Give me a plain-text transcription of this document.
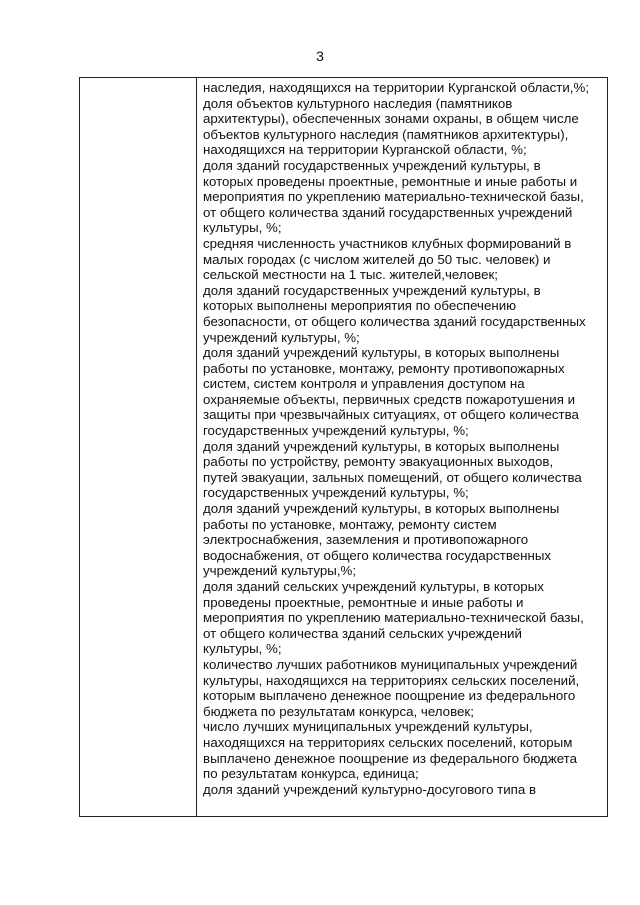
3
наследия, находящихся на территории Курганской области,%;
доля объектов культурного наследия (памятников
архитектуры), обеспеченных зонами охраны, в общем числе
объектов культурного наследия (памятников архитектуры),
находящихся на территории Курганской области, %;
доля зданий государственных учреждений культуры, в
которых проведены проектные, ремонтные и иные работы и
мероприятия по укреплению материально-технической базы,
от общего количества зданий государственных учреждений
культуры, %;
средняя численность участников клубных формирований в
малых городах (с числом жителей до 50 тыс. человек) и
сельской местности на 1 тыс. жителей,человек;
доля зданий государственных учреждений культуры, в
которых выполнены мероприятия по обеспечению
безопасности, от общего количества зданий государственных
учреждений культуры, %;
доля зданий учреждений культуры, в которых выполнены
работы по установке, монтажу, ремонту противопожарных
систем, систем контроля и управления доступом на
охраняемые объекты, первичных средств пожаротушения и
защиты при чрезвычайных ситуациях, от общего количества
государственных учреждений культуры, %;
доля зданий учреждений культуры, в которых выполнены
работы по устройству, ремонту эвакуационных выходов,
путей эвакуации, зальных помещений, от общего количества
государственных учреждений культуры, %;
доля зданий учреждений культуры, в которых выполнены
работы по установке, монтажу, ремонту систем
электроснабжения, заземления и противопожарного
водоснабжения, от общего количества государственных
учреждений культуры,%;
доля зданий сельских учреждений культуры, в которых
проведены проектные, ремонтные и иные работы и
мероприятия по укреплению материально-технической базы,
от общего количества зданий сельских учреждений
культуры, %;
количество лучших работников муниципальных учреждений
культуры, находящихся на территориях сельских поселений,
которым выплачено денежное поощрение из федерального
бюджета по результатам конкурса, человек;
число лучших муниципальных учреждений культуры,
находящихся на территориях сельских поселений, которым
выплачено денежное поощрение из федерального бюджета
по результатам конкурса, единица;
доля зданий учреждений культурно-досугового типа в
